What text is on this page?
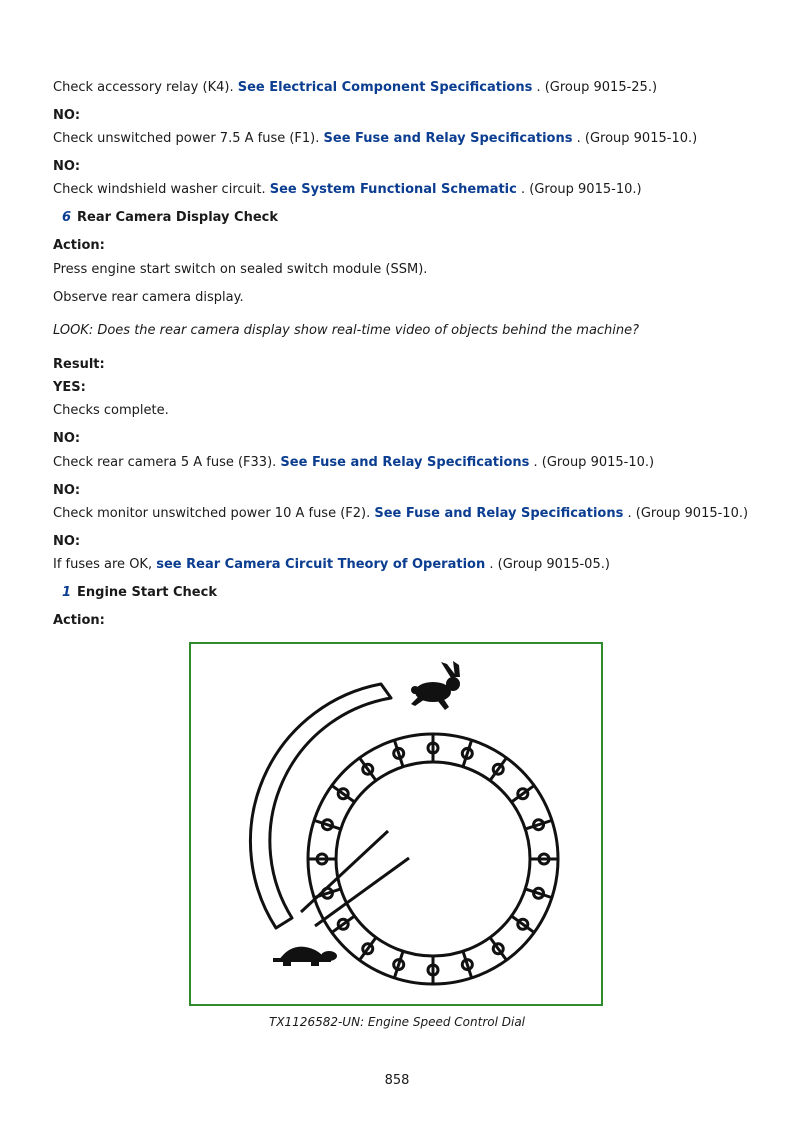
Check accessory relay (K4). See Electrical Component Specifications . (Group 9015-25.)
NO:
Check unswitched power 7.5 A fuse (F1). See Fuse and Relay Specifications . (Group 9015-10.)
NO:
Check windshield washer circuit. See System Functional Schematic . (Group 9015-10.)
6 Rear Camera Display Check
Action:
Press engine start switch on sealed switch module (SSM).
Observe rear camera display.
LOOK: Does the rear camera display show real-time video of objects behind the machine?
Result:
YES:
Checks complete.
NO:
Check rear camera 5 A fuse (F33). See Fuse and Relay Specifications . (Group 9015-10.)
NO:
Check monitor unswitched power 10 A fuse (F2). See Fuse and Relay Specifications . (Group 9015-10.)
NO:
If fuses are OK, see Rear Camera Circuit Theory of Operation . (Group 9015-05.)
1 Engine Start Check
Action:
TX1126582-UN: Engine Speed Control Dial
858
